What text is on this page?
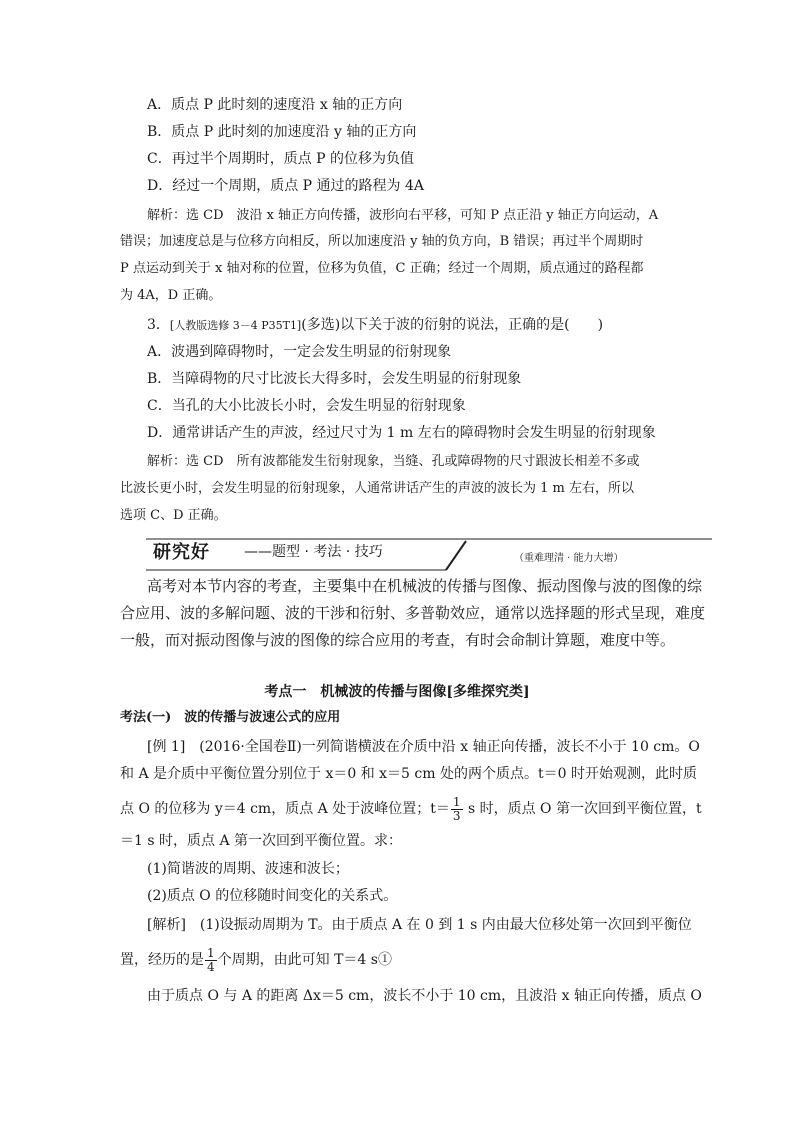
A．质点 P 此时刻的速度沿 x 轴的正方向
B．质点 P 此时刻的加速度沿 y 轴的正方向
C．再过半个周期时，质点 P 的位移为负值
D．经过一个周期，质点 P 通过的路程为 4A
解析：选 CD　波沿 x 轴正方向传播，波形向右平移，可知 P 点正沿 y 轴正方向运动，A
错误；加速度总是与位移方向相反，所以加速度沿 y 轴的负方向，B 错误；再过半个周期时
P 点运动到关于 x 轴对称的位置，位移为负值，C 正确；经过一个周期，质点通过的路程都
为 4A，D 正确。
3．[人教版选修 3－4 P35T1](多选)以下关于波的衍射的说法，正确的是(　　)
A．波遇到障碍物时，一定会发生明显的衍射现象
B．当障碍物的尺寸比波长大得多时，会发生明显的衍射现象
C．当孔的大小比波长小时，会发生明显的衍射现象
D．通常讲话产生的声波，经过尺寸为 1 m 左右的障碍物时会发生明显的衍射现象
解析：选 CD　所有波都能发生衍射现象，当缝、孔或障碍物的尺寸跟波长相差不多或
比波长更小时，会发生明显的衍射现象，人通常讲话产生的声波的波长为 1 m 左右，所以
选项 C、D 正确。
研究好 ——题型 · 考法 · 技巧	（重难理清 · 能力大增）
高考对本节内容的考查，主要集中在机械波的传播与图像、振动图像与波的图像的综
合应用、波的多解问题、波的干涉和衍射、多普勒效应，通常以选择题的形式呈现，难度
一般，而对振动图像与波的图像的综合应用的考查，有时会命制计算题，难度中等。
考点一　机械波的传播与图像[多维探究类]
考法(一)　波的传播与波速公式的应用
[例 1]　(2016·全国卷Ⅱ)一列简谐横波在介质中沿 x 轴正向传播，波长不小于 10 cm。O
和 A 是介质中平衡位置分别位于 x＝0 和 x＝5 cm 处的两个质点。t＝0 时开始观测，此时质
点 O 的位移为 y＝4 cm，质点 A 处于波峰位置；$t= \frac{1}{3}$ s 时，质点 O 第一次回到平衡位置，t
＝1 s 时，质点 A 第一次回到平衡位置。求：
(1)简谐波的周期、波速和波长；
(2)质点 O 的位移随时间变化的关系式。
[解析]　(1)设振动周期为 T。由于质点 A 在 0 到 1 s 内由最大位移处第一次回到平衡位
置，经历的是 $\frac{1}{4}$ 个周期，由此可知 T＝4 s①
由于质点 O 与 A 的距离 Δx＝5 cm，波长不小于 10 cm，且波沿 x 轴正向传播，质点 O
